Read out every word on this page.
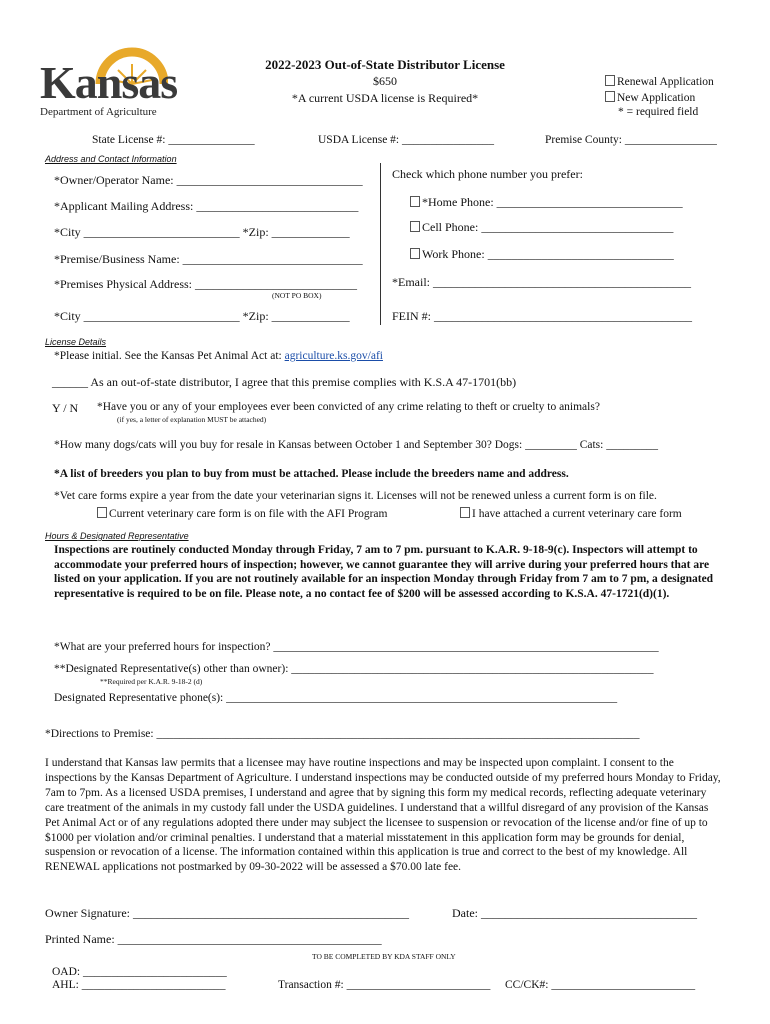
Kansas
Department of Agriculture
2022-2023 Out-of-State Distributor License
$650
*A current USDA license is Required*
Renewal Application
New Application
* = required field
State License #: _______________	USDA License #: ________________	Premise County: ________________
Address and Contact Information
*Owner/Operator Name: _______________________________
*Applicant Mailing Address: ___________________________
*City __________________________ *Zip: _____________
*Premise/Business Name: ______________________________
*Premises Physical Address: ___________________________
(NOT PO BOX)
*City __________________________ *Zip: _____________
Check which phone number you prefer:
*Home Phone: _______________________________
Cell Phone: ________________________________
Work Phone: _______________________________
*Email: ___________________________________________
FEIN #: ___________________________________________
License Details
*Please initial. See the Kansas Pet Animal Act at: agriculture.ks.gov/afi
______ As an out-of-state distributor, I agree that this premise complies with K.S.A 47-1701(bb)
Y / N *Have you or any of your employees ever been convicted of any crime relating to theft or cruelty to animals?
(if yes, a letter of explanation MUST be attached)
*How many dogs/cats will you buy for resale in Kansas between October 1 and September 30? Dogs: _________ Cats: _________
*A list of breeders you plan to buy from must be attached. Please include the breeders name and address.
*Vet care forms expire a year from the date your veterinarian signs it. Licenses will not be renewed unless a current form is on file.
Current veterinary care form is on file with the AFI Program	I have attached a current veterinary care form
Hours & Designated Representative
Inspections are routinely conducted Monday through Friday, 7 am to 7 pm. pursuant to K.A.R. 9-18-9(c). Inspectors will attempt to accommodate your preferred hours of inspection; however, we cannot guarantee they will arrive during your preferred hours that are listed on your application. If you are not routinely available for an inspection Monday through Friday from 7 am to 7 pm, a designated representative is required to be on file. Please note, a no contact fee of $200 will be assessed according to K.S.A. 47-1721(d)(1).
*What are your preferred hours for inspection? ___________________________________________________________________
**Designated Representative(s) other than owner): _______________________________________________________________
**Required per K.A.R. 9-18-2 (d)
Designated Representative phone(s): ____________________________________________________________________
*Directions to Premise: ____________________________________________________________________________________
I understand that Kansas law permits that a licensee may have routine inspections and may be inspected upon complaint. I consent to the inspections by the Kansas Department of Agriculture. I understand inspections may be conducted outside of my preferred hours Monday to Friday, 7am to 7pm. As a licensed USDA premises, I understand and agree that by signing this form my medical records, reflecting adequate veterinary care treatment of the animals in my custody fall under the USDA guidelines. I understand that a willful disregard of any provision of the Kansas Pet Animal Act or of any regulations adopted there under may subject the licensee to suspension or revocation of the license and/or fine of up to $1000 per violation and/or criminal penalties. I understand that a material misstatement in this application form may be grounds for denial, suspension or revocation of a license. The information contained within this application is true and correct to the best of my knowledge. All RENEWAL applications not postmarked by 09-30-2022 will be assessed a $70.00 late fee.
Owner Signature: ______________________________________________	Date: ____________________________________
Printed Name: ____________________________________________
TO BE COMPLETED BY KDA STAFF ONLY
OAD: _________________________
AHL: _________________________	Transaction #: _________________________ CC/CK#: _________________________
